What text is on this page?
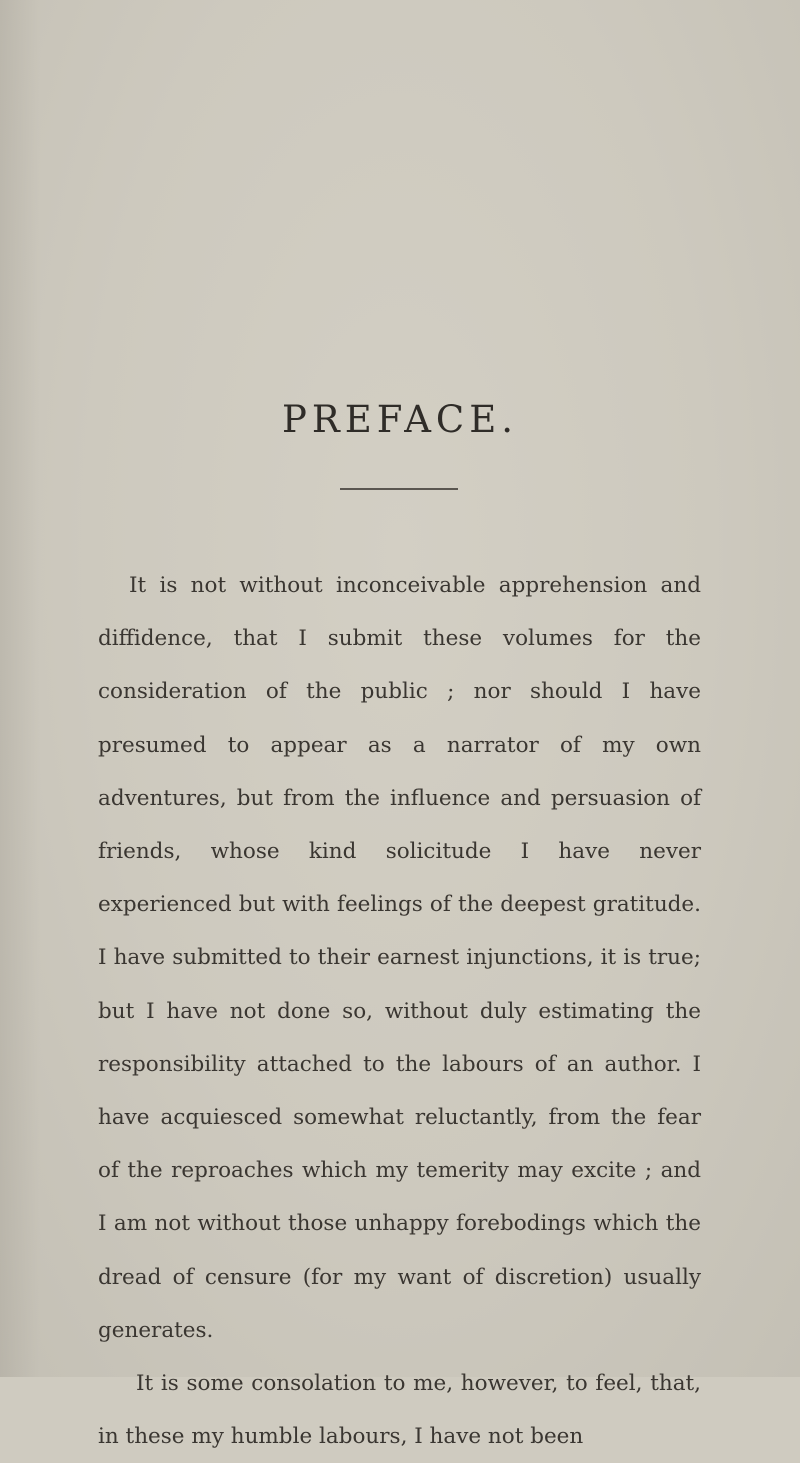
PREFACE.

It is not without inconceivable apprehension and diffidence, that I submit these volumes for the consideration of the public ; nor should I have presumed to appear as a narrator of my own adventures, but from the influence and persuasion of friends, whose kind solicitude I have never experienced but with feelings of the deepest gratitude. I have submitted to their earnest injunctions, it is true; but I have not done so, without duly estimating the responsibility attached to the labours of an author. I have acquiesced somewhat reluctantly, from the fear of the reproaches which my temerity may excite ; and I am not without those unhappy forebodings which the dread of censure (for my want of discretion) usually generates.

It is some consolation to me, however, to feel, that, in these my humble labours, I have not been
